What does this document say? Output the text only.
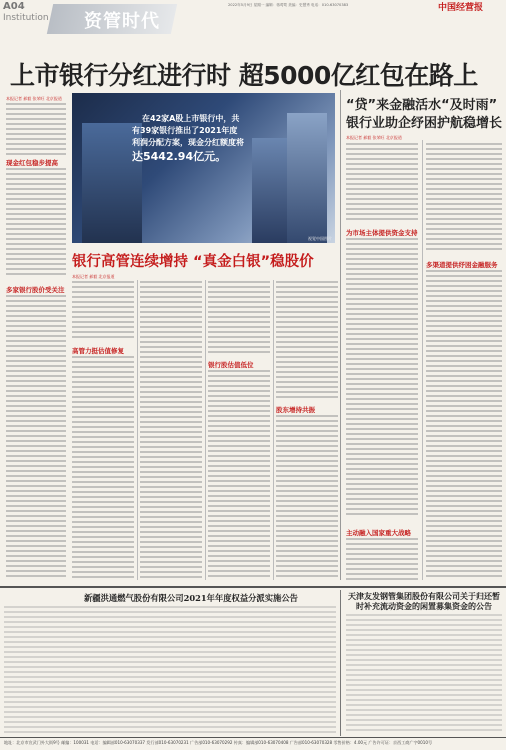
A04
Institution 资管时代
2022年5月9日 星期一 编辑：蒋莺莺 美编：史慧秀 电话：010-63070383	中国经营报
上市银行分红进行时 超5000亿红包在路上
本报记者 郝毅 张荣旺 北京报道
现金红包稳步提高
多家银行股价受关注
在42家A股上市银行中，共
有39家银行推出了2021年度
利润分配方案，现金分红额度将
达5442.94亿元。
视觉中国图片
“贷”来金融活水“及时雨”
银行业助企纾困护航稳增长
本报记者 郝毅 张荣旺 北京报道
为市场主体提供资金支持
主动融入国家重大战略
多渠道提供纾困金融服务
银行高管连续增持 “真金白银”稳股价
本报记者 郝毅 北京报道
高管力挺估值修复
银行股估值低位
股东增持共振
新疆洪通燃气股份有限公司2021年年度权益分派实施公告	天津友发钢管集团股份有限公司关于归还暂时补充流动资金的闲置募集资金的公告
地址：北京市宣武门外大街9号 邮编：100031 电话：编辑部010-63070337 发行部010-63070231 广告部010-63070292 传真：编辑部010-63070408 广告部010-63070328 零售价格：4.00元 广告许可证：京西工商广字0010号
